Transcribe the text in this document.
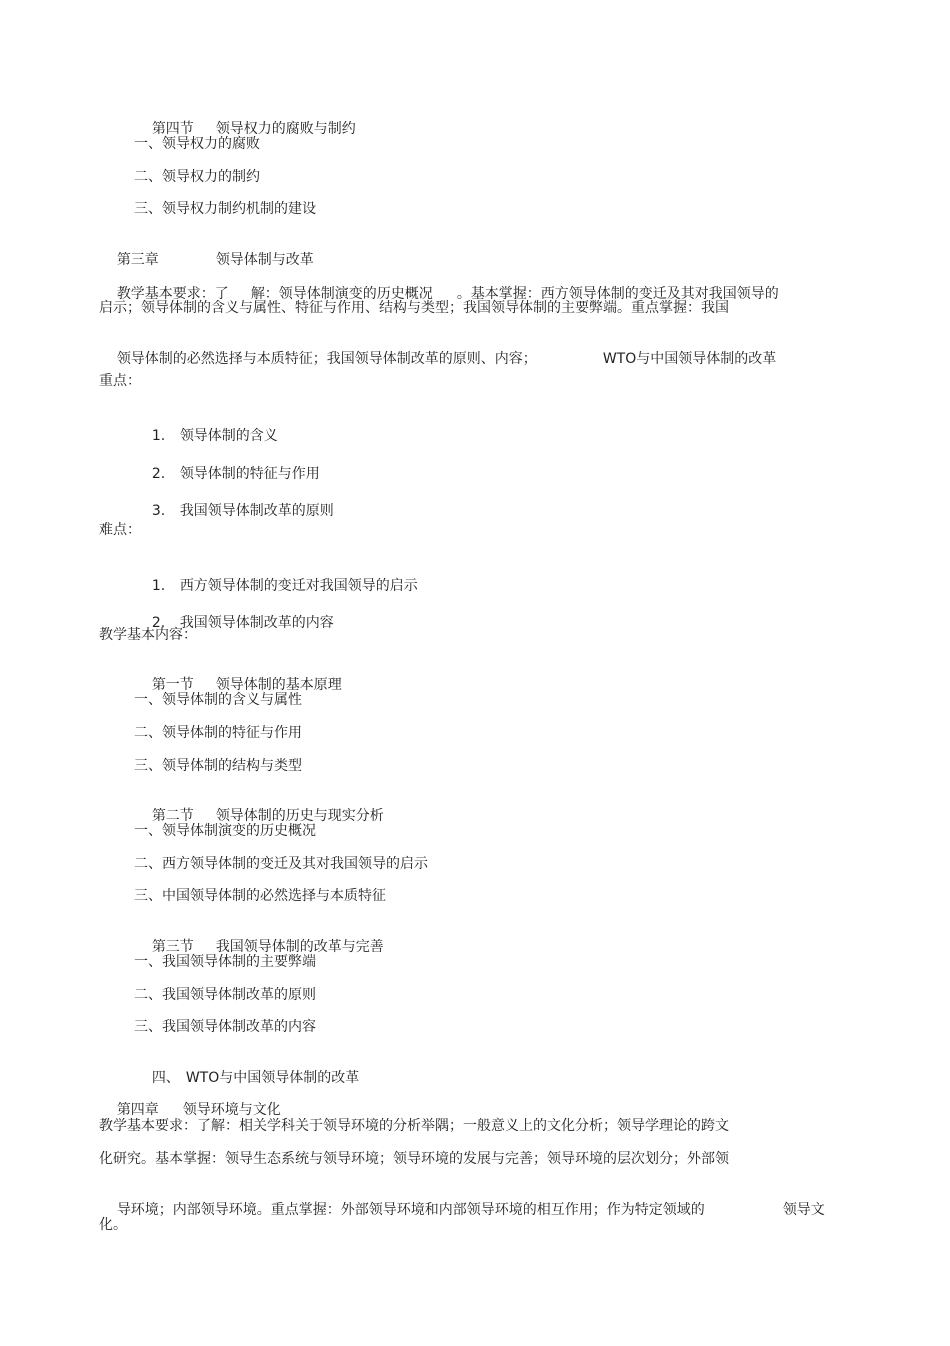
第四节 领导权力的腐败与制约

一、领导权力的腐败
二、领导权力的制约
三、领导权力制约机制的建设

第三章	领导体制与改革

教学基本要求：了 解：领导体制演变的历史概况 。基本掌握：西方领导体制的变迁及其对我国领导的

启示；领导体制的含义与属性、特征与作用、结构与类型；我国领导体制的主要弊端。重点掌握：我国

领导体制的必然选择与本质特征；我国领导体制改革的原则、内容；	WTO与中国领导体制的改革

重点：

1. 领导体制的含义

2. 领导体制的特征与作用

3. 我国领导体制改革的原则

难点：

1. 西方领导体制的变迁对我国领导的启示

2. 我国领导体制改革的内容

教学基本内容：

第一节 领导体制的基本原理

一、领导体制的含义与属性
二、领导体制的特征与作用
三、领导体制的结构与类型

第二节 领导体制的历史与现实分析

一、领导体制演变的历史概况
二、西方领导体制的变迁及其对我国领导的启示
三、中国领导体制的必然选择与本质特征

第三节 我国领导体制的改革与完善

一、我国领导体制的主要弊端
二、我国领导体制改革的原则
三、我国领导体制改革的内容

四、 WTO与中国领导体制的改革

第四章 领导环境与文化

教学基本要求：了解：相关学科关于领导环境的分析举隅；一般意义上的文化分析；领导学理论的跨文
化研究。基本掌握：领导生态系统与领导环境；领导环境的发展与完善；领导环境的层次划分；外部领

导环境；内部领导环境。重点掌握：外部领导环境和内部领导环境的相互作用；作为特定领域的	领导文

化。
